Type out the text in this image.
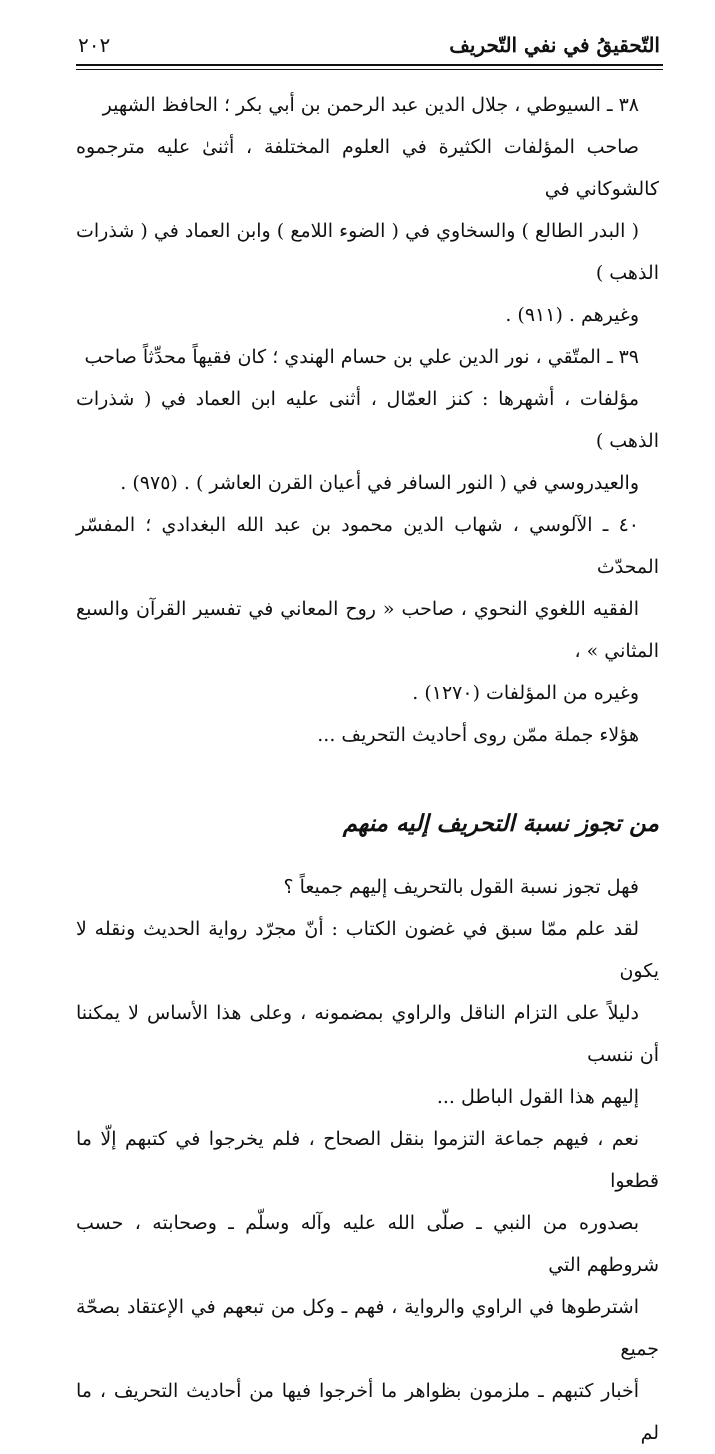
التّحقيقُ في نفي التّحريف
٢٠٢

٣٨ ـ السيوطي ، جلال الدين عبد الرحمن بن أبي بكر ؛ الحافظ الشهير

صاحب المؤلفات الكثيرة في العلوم المختلفة ، أثنىٰ عليه مترجموه كالشوكاني في

( البدر الطالع ) والسخاوي في ( الضوء اللامع ) وابن العماد في ( شذرات الذهب )

وغيرهم . (٩١١) .

٣٩ ـ المتّقي ، نور الدين علي بن حسام الهندي ؛ كان فقيهاً محدِّثاً صاحب

مؤلفات ، أشهرها : كنز العمّال ، أثنى عليه ابن العماد في ( شذرات الذهب )

والعيدروسي في ( النور السافر في أعيان القرن العاشر ) . (٩٧٥) .

٤٠ ـ الآلوسي ، شهاب الدين محمود بن عبد الله البغدادي ؛ المفسّر المحدّث

الفقيه اللغوي النحوي ، صاحب « روح المعاني في تفسير القرآن والسبع المثاني » ،

وغيره من المؤلفات (١٢٧٠) .

هؤلاء جملة ممّن روى أحاديث التحريف ...
من تجوز نسبة التحريف إليه منهم
فهل تجوز نسبة القول بالتحريف إليهم جميعاً ؟

لقد علم ممّا سبق في غضون الكتاب : أنّ مجرّد رواية الحديث ونقله لا يكون

دليلاً على التزام الناقل والراوي بمضمونه ، وعلى هذا الأساس لا يمكننا أن ننسب

إليهم هذا القول الباطل ...

نعم ، فيهم جماعة التزموا بنقل الصحاح ، فلم يخرجوا في كتبهم إلّا ما قطعوا

بصدوره من النبي ـ صلّى الله عليه وآله وسلّم ـ وصحابته ، حسب شروطهم التي

اشترطوها في الراوي والرواية ، فهم ـ وكل من تبعهم في الإعتقاد بصحّة جميع

أخبار كتبهم ـ ملزمون بظواهر ما أخرجوا فيها من أحاديث التحريف ، ما لم
